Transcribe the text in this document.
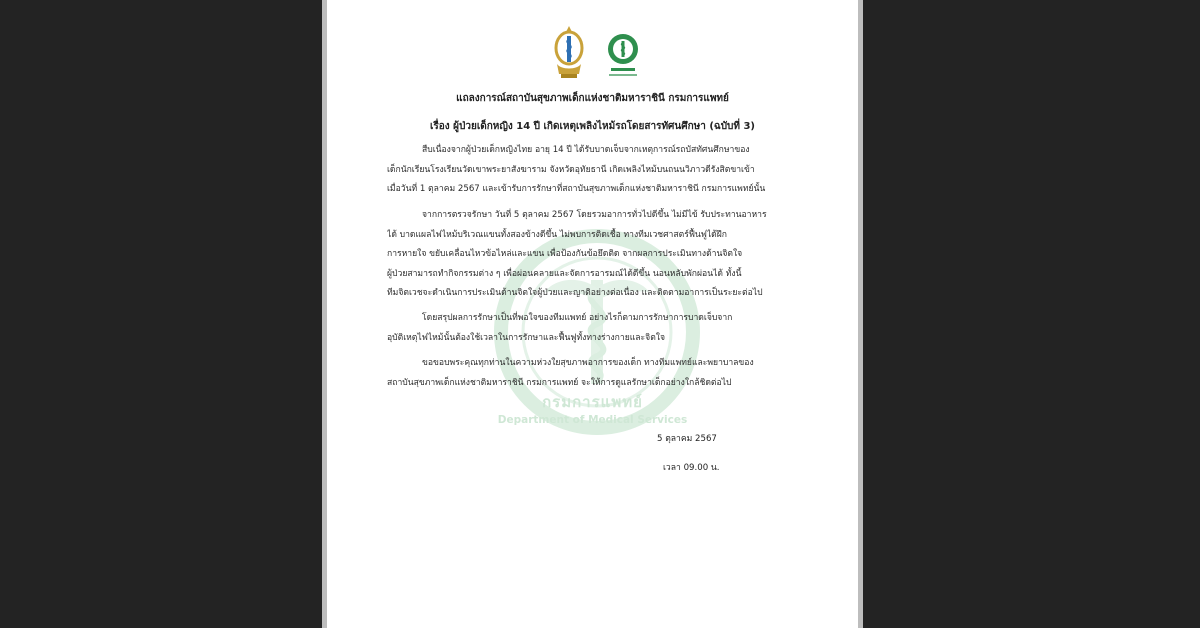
กรมการแพทย์
Department of Medical Services
แถลงการณ์สถาบันสุขภาพเด็กแห่งชาติมหาราชินี กรมการแพทย์
เรื่อง ผู้ป่วยเด็กหญิง 14 ปี เกิดเหตุเพลิงไหม้รถโดยสารทัศนศึกษา (ฉบับที่ 3)
สืบเนื่องจากผู้ป่วยเด็กหญิงไทย อายุ 14 ปี ได้รับบาดเจ็บจากเหตุการณ์รถบัสทัศนศึกษาของ
เด็กนักเรียนโรงเรียนวัดเขาพระยาสังฆาราม จังหวัดอุทัยธานี เกิดเพลิงไหม้บนถนนวิภาวดีรังสิตขาเข้า
เมื่อวันที่ 1 ตุลาคม 2567 และเข้ารับการรักษาที่สถาบันสุขภาพเด็กแห่งชาติมหาราชินี กรมการแพทย์นั้น
จากการตรวจรักษา วันที่ 5 ตุลาคม 2567 โดยรวมอาการทั่วไปดีขึ้น ไม่มีไข้ รับประทานอาหาร
ได้ บาดแผลไฟไหม้บริเวณแขนทั้งสองข้างดีขึ้น ไม่พบการติดเชื้อ ทางทีมเวชศาสตร์ฟื้นฟูได้ฝึก
การหายใจ ขยับเคลื่อนไหวข้อไหล่และแขน เพื่อป้องกันข้อยึดติด จากผลการประเมินทางด้านจิตใจ
ผู้ป่วยสามารถทำกิจกรรมต่าง ๆ เพื่อผ่อนคลายและจัดการอารมณ์ได้ดีขึ้น นอนหลับพักผ่อนได้ ทั้งนี้
ทีมจิตเวชจะดำเนินการประเมินด้านจิตใจผู้ป่วยและญาติอย่างต่อเนื่อง และติดตามอาการเป็นระยะต่อไป
โดยสรุปผลการรักษาเป็นที่พอใจของทีมแพทย์ อย่างไรก็ตามการรักษาการบาดเจ็บจาก
อุบัติเหตุไฟไหม้นั้นต้องใช้เวลาในการรักษาและฟื้นฟูทั้งทางร่างกายและจิตใจ
ขอขอบพระคุณทุกท่านในความห่วงใยสุขภาพอาการของเด็ก ทางทีมแพทย์และพยาบาลของ
สถาบันสุขภาพเด็กแห่งชาติมหาราชินี กรมการแพทย์ จะให้การดูแลรักษาเด็กอย่างใกล้ชิดต่อไป
5 ตุลาคม 2567
เวลา 09.00 น.
